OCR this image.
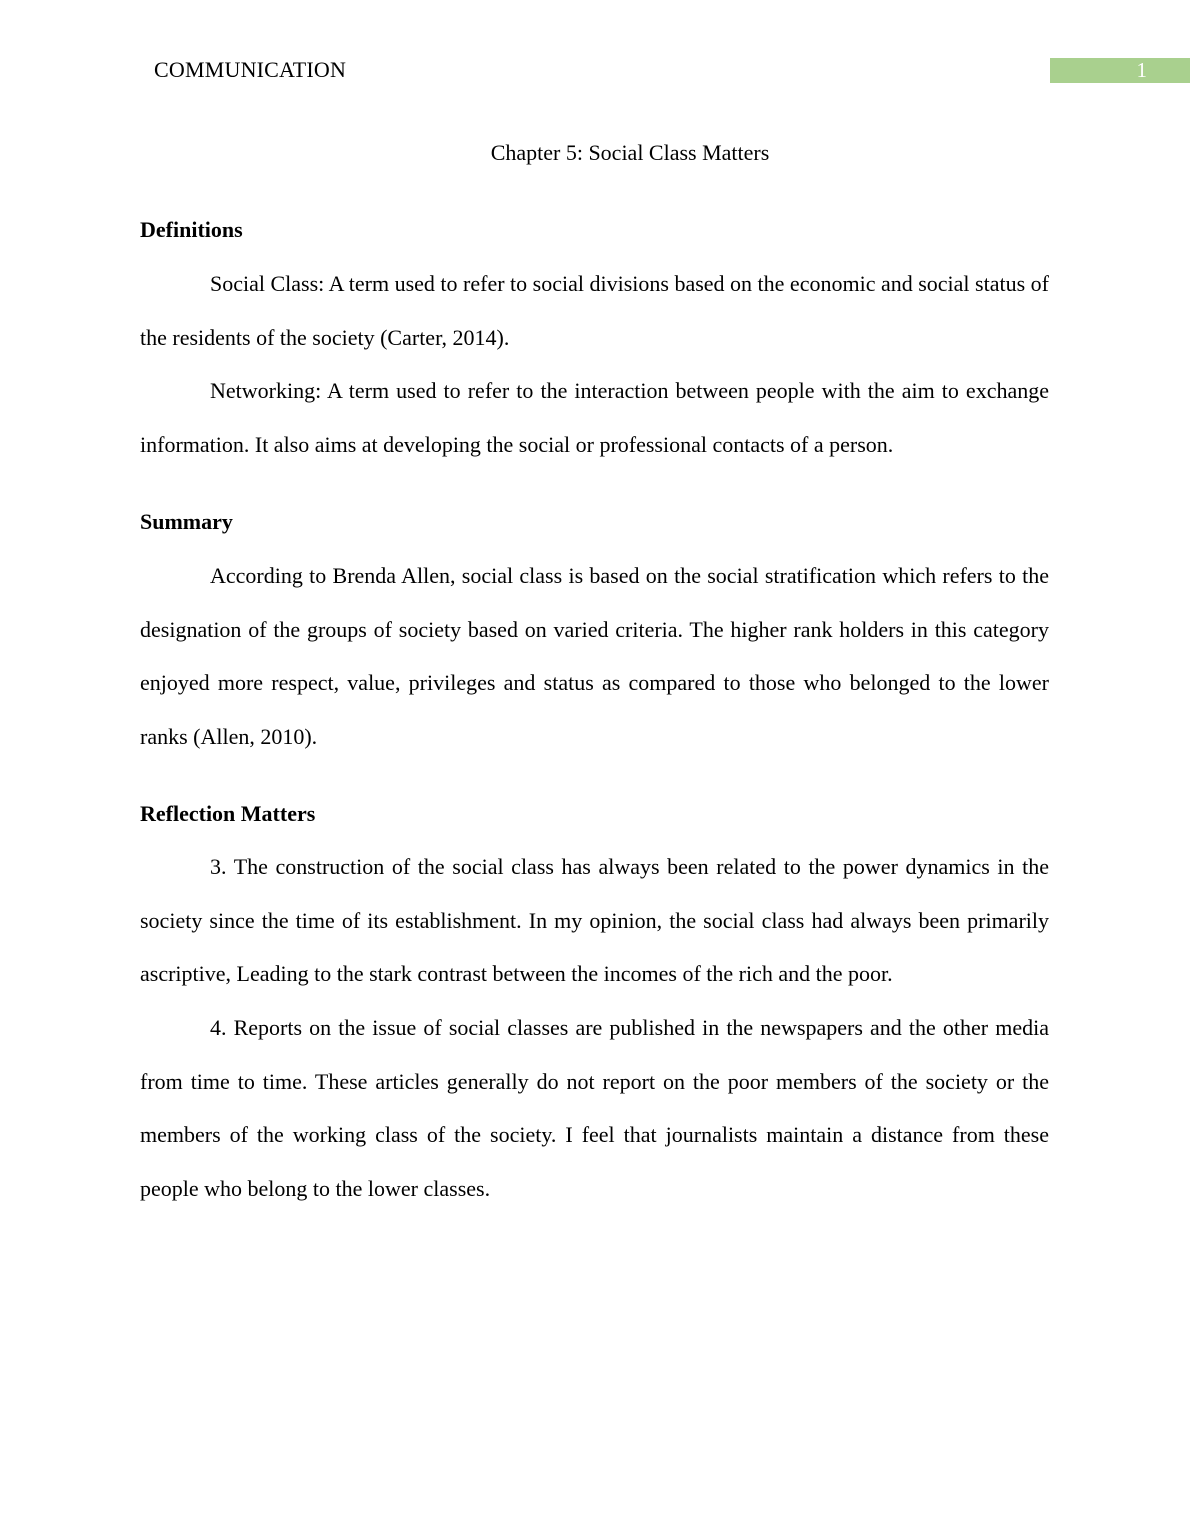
COMMUNICATION	1
Chapter 5: Social Class Matters
Definitions

Social Class: A term used to refer to social divisions based on the economic and social status of the residents of the society (Carter, 2014).

Networking: A term used to refer to the interaction between people with the aim to exchange information. It also aims at developing the social or professional contacts of a person.

Summary

According to Brenda Allen, social class is based on the social stratification which refers to the designation of the groups of society based on varied criteria. The higher rank holders in this category enjoyed more respect, value, privileges and status as compared to those who belonged to the lower ranks (Allen, 2010).

Reflection Matters

3. The construction of the social class has always been related to the power dynamics in the society since the time of its establishment. In my opinion, the social class had always been primarily ascriptive, Leading to the stark contrast between the incomes of the rich and the poor.

4. Reports on the issue of social classes are published in the newspapers and the other media from time to time. These articles generally do not report on the poor members of the society or the members of the working class of the society. I feel that journalists maintain a distance from these people who belong to the lower classes.
